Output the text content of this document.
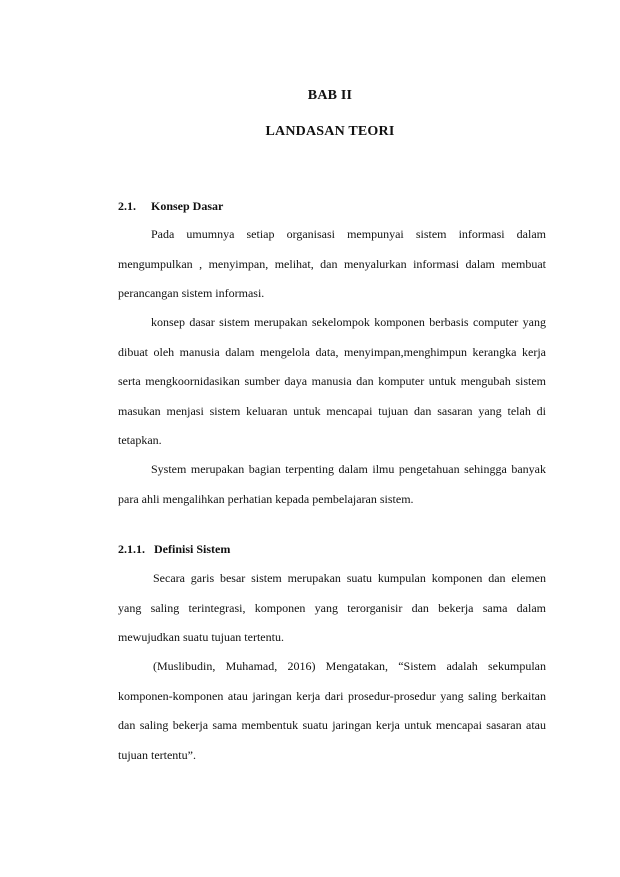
BAB II
LANDASAN TEORI
2.1. Konsep Dasar

Pada umumnya setiap organisasi mempunyai sistem informasi dalam
mengumpulkan , menyimpan, melihat, dan menyalurkan informasi dalam membuat
perancangan sistem informasi.

konsep dasar sistem merupakan sekelompok komponen berbasis computer yang
dibuat oleh manusia dalam mengelola data, menyimpan,menghimpun kerangka kerja
serta mengkoornidasikan sumber daya manusia dan komputer untuk mengubah sistem
masukan menjasi sistem keluaran untuk mencapai tujuan dan sasaran yang telah di
tetapkan.

System merupakan bagian terpenting dalam ilmu pengetahuan sehingga banyak
para ahli mengalihkan perhatian kepada pembelajaran sistem.

2.1.1. Definisi Sistem

Secara garis besar sistem merupakan suatu kumpulan komponen dan elemen
yang saling terintegrasi, komponen yang terorganisir dan bekerja sama dalam
mewujudkan suatu tujuan tertentu.

(Muslibudin, Muhamad, 2016) Mengatakan, “Sistem adalah sekumpulan
komponen-komponen atau jaringan kerja dari prosedur-prosedur yang saling berkaitan
dan saling bekerja sama membentuk suatu jaringan kerja untuk mencapai sasaran atau
tujuan tertentu”.
